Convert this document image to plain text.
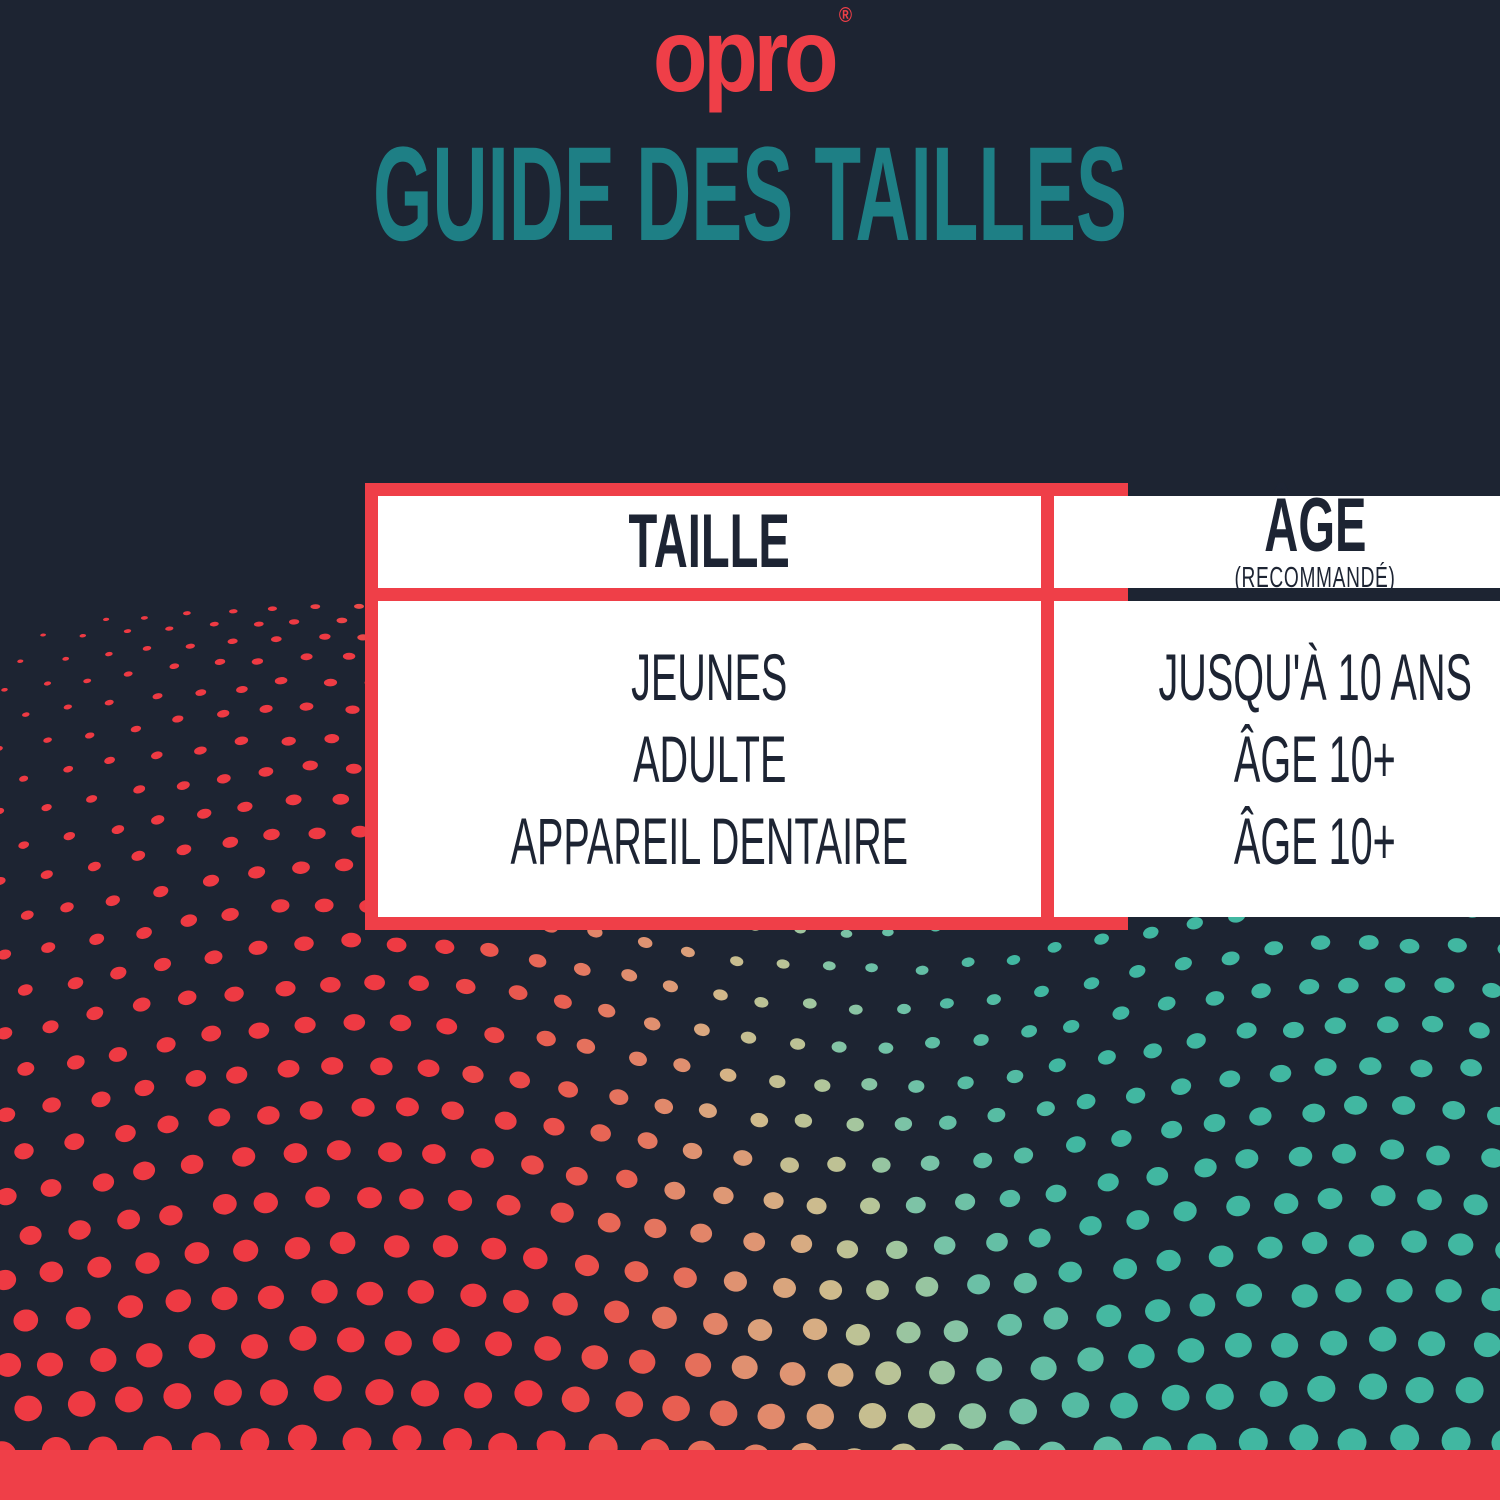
opro ®
GUIDE DES TAILLES
TAILLE	ÂGE
(RECOMMANDÉ)
JEUNES
ADULTE
APPAREIL DENTAIRE
JUSQU'À 10 ANS
ÂGE 10+
ÂGE 10+
